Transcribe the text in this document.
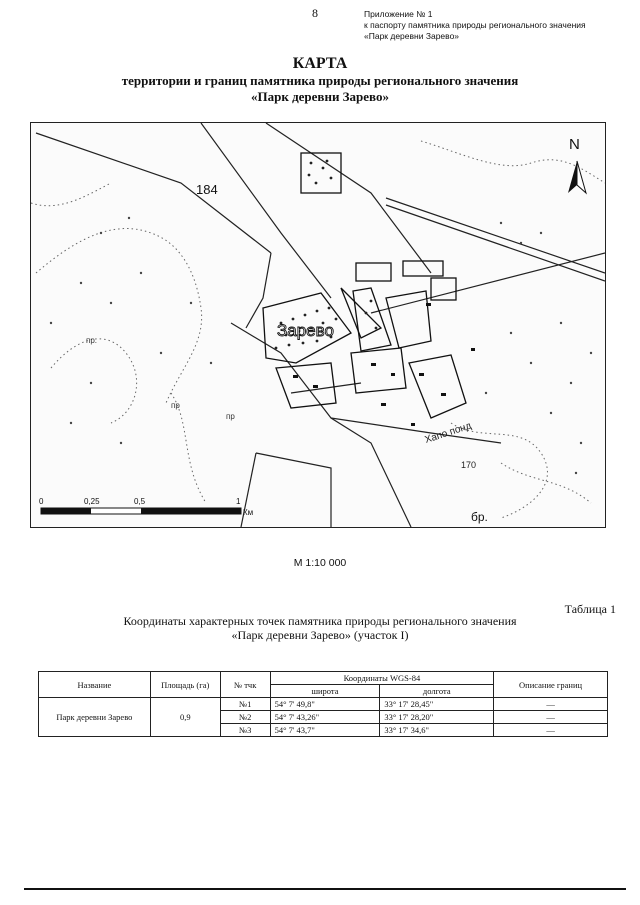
8	Приложение № 1
к паспорту памятника природы регионального значения
«Парк деревни Зарево»
КАРТА
территории и границ памятника природы регионального значения
«Парк деревни Зарево»
N
184
Зарево
Хапо понд
170
бр.
пр.
пр
пр
0	0,25	0,5	1
Км
М 1:10 000
Таблица 1
Координаты характерных точек памятника природы регионального значения
«Парк деревни Зарево» (участок I)
Название	Площадь (га)	№ тчк	Координаты WGS-84		Описание границ
			широта	долгота	
Парк деревни Зарево	0,9	№1	54° 7' 49,8"	33° 17' 28,45"	—
		№2	54° 7' 43,26"	33° 17' 28,20"	—
		№3	54° 7' 43,7"	33° 17' 34,6"	—
